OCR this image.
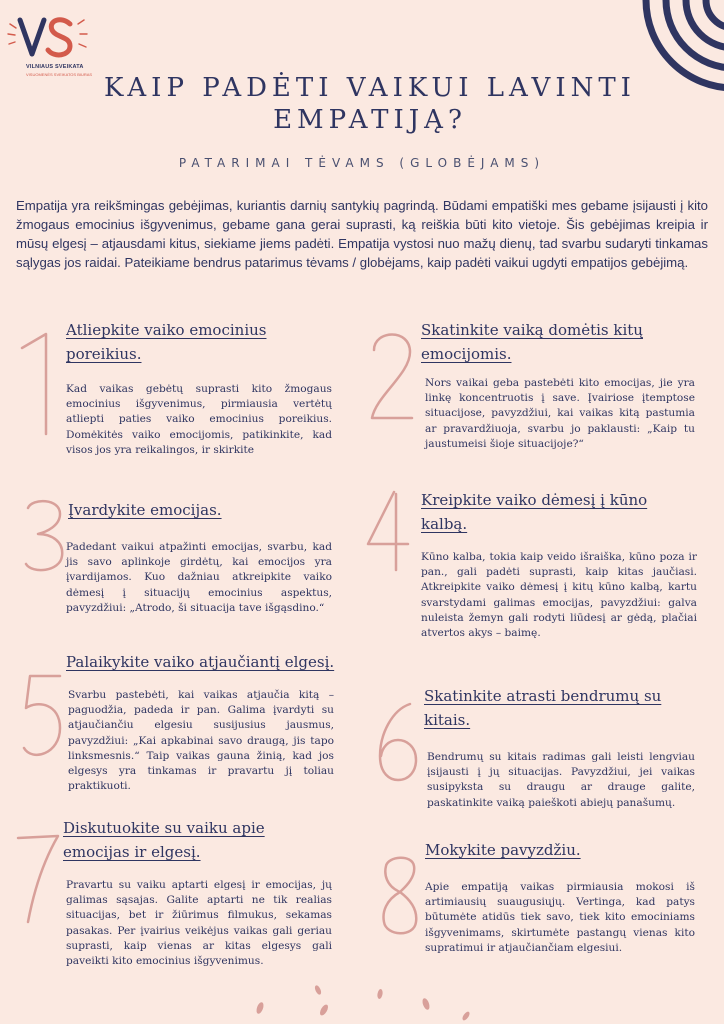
VILNIAUS SVEIKATA
VISUOMENĖS SVEIKATOS BIURAS KAIP PADĖTI VAIKUI LAVINTI EMPATIJĄ?
PATARIMAI TĖVAMS (GLOBĖJAMS)
Empatija yra reikšmingas gebėjimas, kuriantis darnių santykių pagrindą. Būdami empatiški mes gebame įsijausti į kito žmogaus emocinius išgyvenimus, gebame gana gerai suprasti, ką reiškia būti kito vietoje. Šis gebėjimas kreipia ir mūsų elgesį – atjausdami kitus, siekiame jiems padėti. Empatija vystosi nuo mažų dienų, tad svarbu sudaryti tinkamas sąlygas jos raidai. Pateikiame bendrus patarimus tėvams / globėjams, kaip padėti vaikui ugdyti empatijos gebėjimą.
Atliepkite vaiko emocinius poreikius.
Kad vaikas gebėtų suprasti kito žmogaus emocinius išgyvenimus, pirmiausia vertėtų atliepti paties vaiko emocinius poreikius. Domėkitės vaiko emocijomis, patikinkite, kad visos jos yra reikalingos, ir skirkite
Skatinkite vaiką domėtis kitų emocijomis.
Nors vaikai geba pastebėti kito emocijas, jie yra linkę koncentruotis į save. Įvairiose įtemptose situacijose, pavyzdžiui, kai vaikas kitą pastumia ar pravardžiuoja, svarbu jo paklausti: „Kaip tu jaustumeisi šioje situacijoje?“
Įvardykite emocijas.
Padedant vaikui atpažinti emocijas, svarbu, kad jis savo aplinkoje girdėtų, kai emocijos yra įvardijamos. Kuo dažniau atkreipkite vaiko dėmesį į situacijų emocinius aspektus, pavyzdžiui: „Atrodo, ši situacija tave išgąsdino.“
Kreipkite vaiko dėmesį į kūno kalbą.
Kūno kalba, tokia kaip veido išraiška, kūno poza ir pan., gali padėti suprasti, kaip kitas jaučiasi. Atkreipkite vaiko dėmesį į kitų kūno kalbą, kartu svarstydami galimas emocijas, pavyzdžiui: galva nuleista žemyn gali rodyti liūdesį ar gėdą, plačiai atvertos akys – baimę.
Palaikykite vaiko atjaučiantį elgesį.
Svarbu pastebėti, kai vaikas atjaučia kitą – paguodžia, padeda ir pan. Galima įvardyti su atjaučiančiu elgesiu susijusius jausmus, pavyzdžiui: „Kai apkabinai savo draugą, jis tapo linksmesnis.“ Taip vaikas gauna žinią, kad jos elgesys yra tinkamas ir pravartu jį toliau praktikuoti.
Skatinkite atrasti bendrumų su kitais.
Bendrumų su kitais radimas gali leisti lengviau įsijausti į jų situacijas. Pavyzdžiui, jei vaikas susipyksta su draugu ar drauge galite, paskatinkite vaiką paieškoti abiejų panašumų.
Diskutuokite su vaiku apie emocijas ir elgesį.
Pravartu su vaiku aptarti elgesį ir emocijas, jų galimas sąsajas. Galite aptarti ne tik realias situacijas, bet ir žiūrimus filmukus, sekamas pasakas. Per įvairius veikėjus vaikas gali geriau suprasti, kaip vienas ar kitas elgesys gali paveikti kito emocinius išgyvenimus.
Mokykite pavyzdžiu.
Apie empatiją vaikas pirmiausia mokosi iš artimiausių suaugusiųjų. Vertinga, kad patys būtumėte atidūs tiek savo, tiek kito emociniams išgyvenimams, skirtumėte pastangų vienas kito supratimui ir atjaučiančiam elgesiui.
